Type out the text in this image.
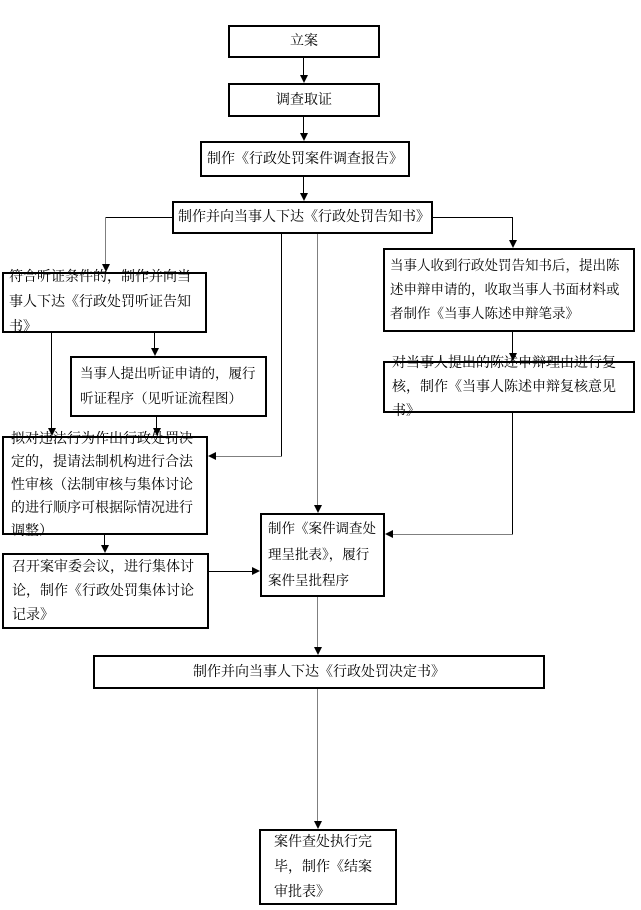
立案
调查取证
制作《行政处罚案件调查报告》
制作并向当事人下达《行政处罚告知书》
符合听证条件的，制作并向当事人下达《行政处罚听证告知书》
当事人收到行政处罚告知书后，提出陈述申辩申请的，收取当事人书面材料或者制作《当事人陈述申辩笔录》
当事人提出听证申请的，履行听证程序（见听证流程图）
对当事人提出的陈述申辩理由进行复核，制作《当事人陈述申辩复核意见书》
拟对违法行为作出行政处罚决定的，提请法制机构进行合法性审核（法制审核与集体讨论的进行顺序可根据际情况进行调整）
召开案审委会议，进行集体讨论，制作《行政处罚集体讨论记录》
制作《案件调查处理呈批表》，履行案件呈批程序
制作并向当事人下达《行政处罚决定书》
案件查处执行完毕，制作《结案审批表》
